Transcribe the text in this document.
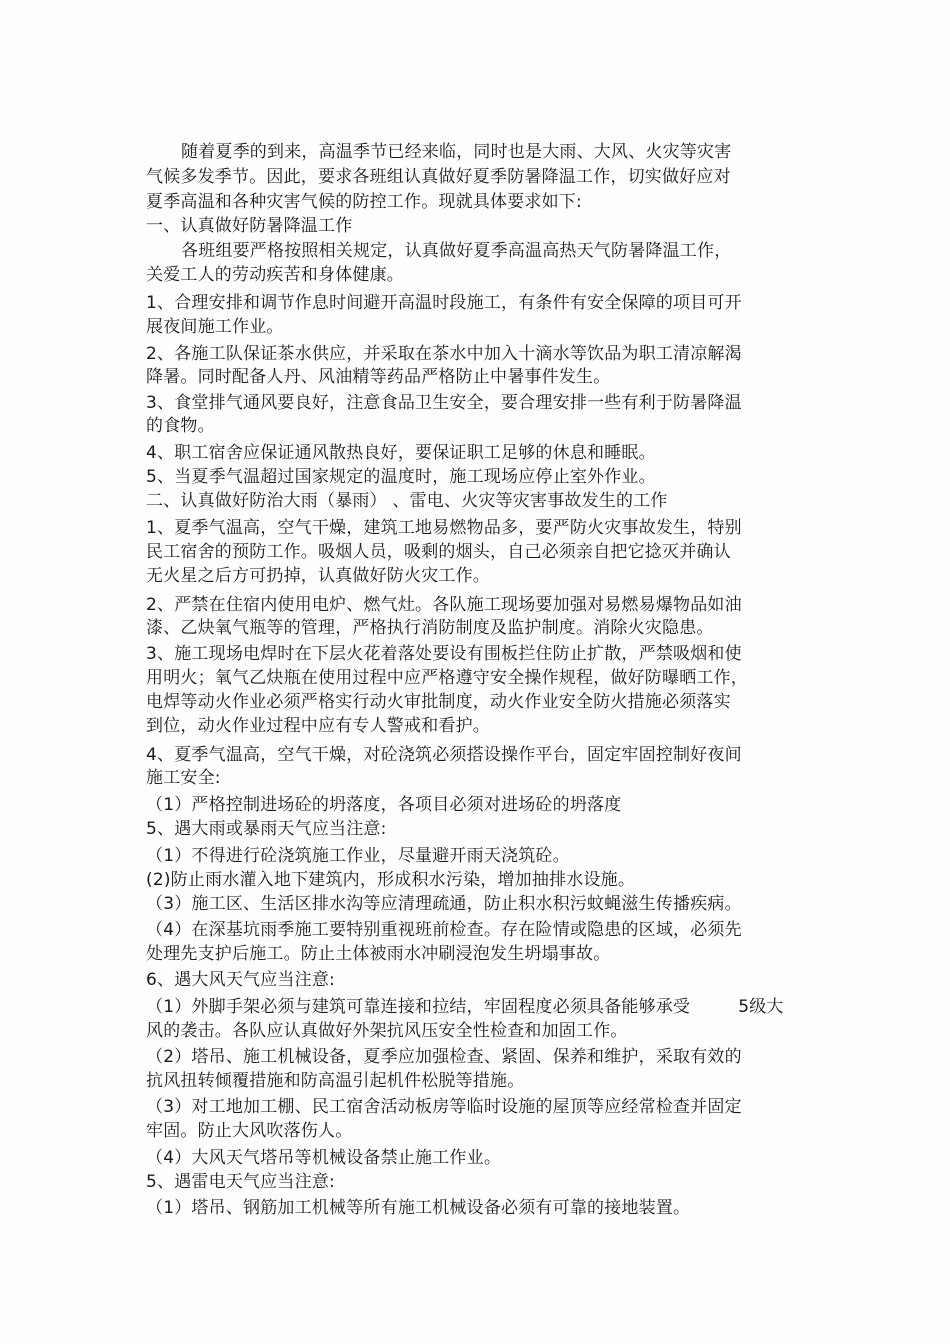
随着夏季的到来，高温季节已经来临，同时也是大雨、大风、火灾等灾害
气候多发季节。因此，要求各班组认真做好夏季防暑降温工作，切实做好应对
夏季高温和各种灾害气候的防控工作。现就具体要求如下:
一、认真做好防暑降温工作
各班组要严格按照相关规定，认真做好夏季高温高热天气防暑降温工作，
关爱工人的劳动疾苦和身体健康。
1、合理安排和调节作息时间避开高温时段施工，有条件有安全保障的项目可开
展夜间施工作业。
2、各施工队保证茶水供应，并采取在茶水中加入十滴水等饮品为职工清凉解渴
降暑。同时配备人丹、风油精等药品严格防止中暑事件发生。
3、食堂排气通风要良好，注意食品卫生安全，要合理安排一些有利于防暑降温
的食物。
4、职工宿舍应保证通风散热良好，要保证职工足够的休息和睡眠。
5、当夏季气温超过国家规定的温度时，施工现场应停止室外作业。
二、认真做好防治大雨（暴雨） 、雷电、火灾等灾害事故发生的工作
1、夏季气温高，空气干燥，建筑工地易燃物品多，要严防火灾事故发生，特别
民工宿舍的预防工作。吸烟人员，吸剩的烟头，自己必须亲自把它捻灭并确认
无火星之后方可扔掉，认真做好防火灾工作。
2、严禁在住宿内使用电炉、燃气灶。各队施工现场要加强对易燃易爆物品如油
漆、乙炔氧气瓶等的管理，严格执行消防制度及监护制度。消除火灾隐患。
3、施工现场电焊时在下层火花着落处要设有围板拦住防止扩散，严禁吸烟和使
用明火；氧气乙炔瓶在使用过程中应严格遵守安全操作规程，做好防曝晒工作，
电焊等动火作业必须严格实行动火审批制度，动火作业安全防火措施必须落实
到位，动火作业过程中应有专人警戒和看护。
4、夏季气温高，空气干燥，对砼浇筑必须搭设操作平台，固定牢固控制好夜间
施工安全:
（1）严格控制进场砼的坍落度，各项目必须对进场砼的坍落度
5、遇大雨或暴雨天气应当注意:
（1）不得进行砼浇筑施工作业，尽量避开雨天浇筑砼。
(2)防止雨水灌入地下建筑内，形成积水污染，增加抽排水设施。
（3）施工区、生活区排水沟等应清理疏通，防止积水积污蚊蝇滋生传播疾病。
（4）在深基坑雨季施工要特别重视班前检查。存在险情或隐患的区域，必须先
处理先支护后施工。防止土体被雨水冲刷浸泡发生坍塌事故。
6、遇大风天气应当注意:
（1）外脚手架必须与建筑可靠连接和拉结，牢固程度必须具备能够承受	5级大
风的袭击。各队应认真做好外架抗风压安全性检查和加固工作。
（2）塔吊、施工机械设备，夏季应加强检查、紧固、保养和维护，采取有效的
抗风扭转倾覆措施和防高温引起机件松脱等措施。
（3）对工地加工棚、民工宿舍活动板房等临时设施的屋顶等应经常检查并固定
牢固。防止大风吹落伤人。
（4）大风天气塔吊等机械设备禁止施工作业。
5、遇雷电天气应当注意:
（1）塔吊、钢筋加工机械等所有施工机械设备必须有可靠的接地装置。
